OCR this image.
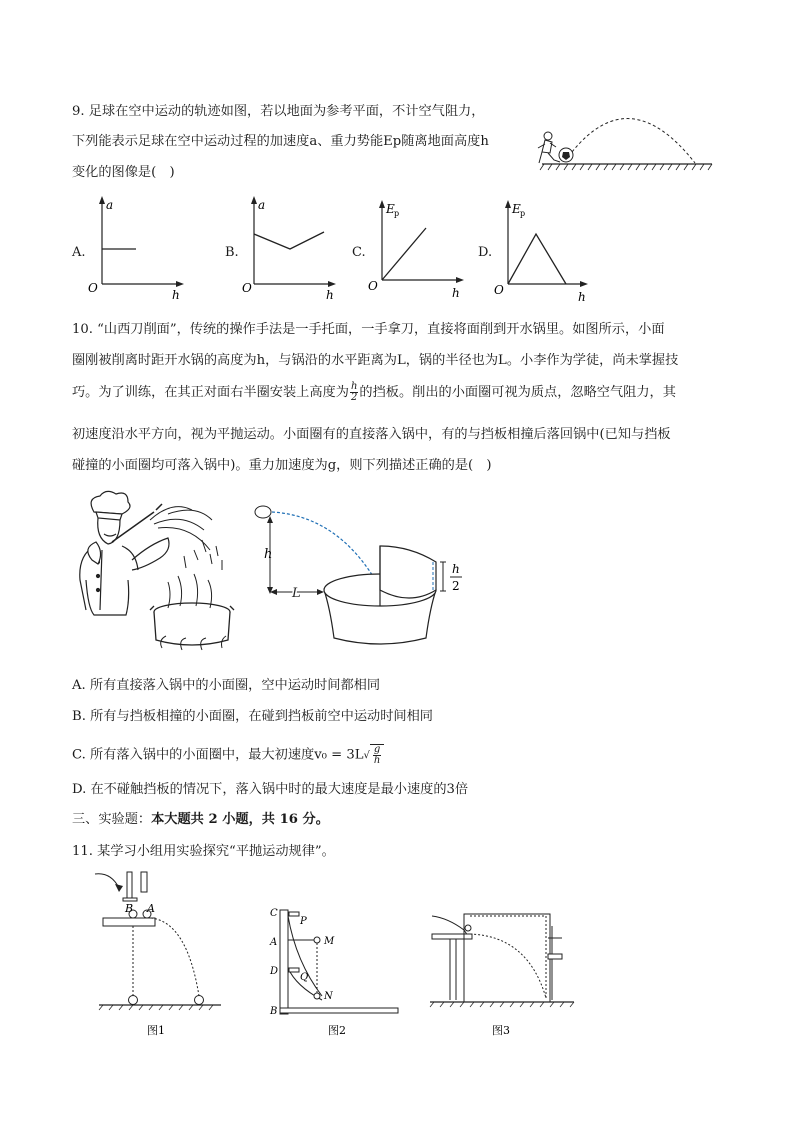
9. 足球在空中运动的轨迹如图，若以地面为参考平面，不计空气阻力，
下列能表示足球在空中运动过程的加速度a、重力势能Ep随离地面高度h
变化的图像是(　)
A.
a
h
O
B.
a
h
O
C.
E p
h
O
D.
E p
h
O
10. “山西刀削面”，传统的操作手法是一手托面，一手拿刀，直接将面削到开水锅里。如图所示，小面
圈刚被削离时距开水锅的高度为h，与锅沿的水平距离为L，锅的半径也为L。小李作为学徒，尚未掌握技
巧。为了训练，在其正对面右半圈安装上高度为 $\frac{h}{2}$ 的挡板。削出的小面圈可视为质点，忽略空气阻力，其
初速度沿水平方向，视为平抛运动。小面圈有的直接落入锅中，有的与挡板相撞后落回锅中(已知与挡板
碰撞的小面圈均可落入锅中)。重力加速度为g，则下列描述正确的是(　)
h
L
h
2
A. 所有直接落入锅中的小面圈，空中运动时间都相同
B. 所有与挡板相撞的小面圈，在碰到挡板前空中运动时间相同
C. 所有落入锅中的小面圈中，最大初速度$v_0 = 3L√ \frac{g}{h}$
D. 在不碰触挡板的情况下，落入锅中时的最大速度是最小速度的3倍
三、实验题：本大题共 2 小题，共 16 分。
11. 某学习小组用实验探究“平抛运动规律”。
B A
图1
C
P
A	M
D
Q
N
B
图2	图3
